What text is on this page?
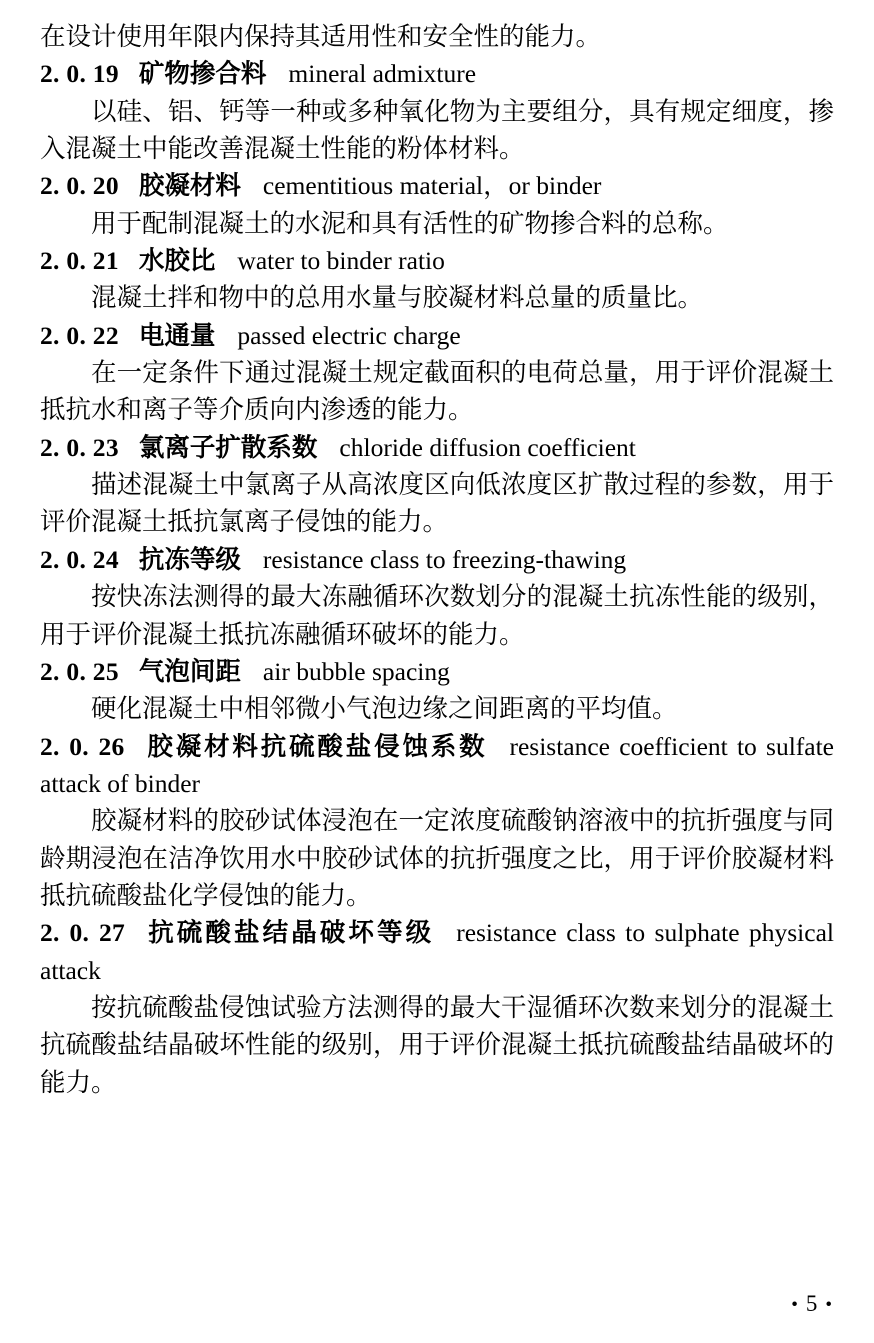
在设计使用年限内保持其适用性和安全性的能力。

2. 0. 19 矿物掺合料 mineral admixture

以硅、铝、钙等一种或多种氧化物为主要组分，具有规定细度，掺入混凝土中能改善混凝土性能的粉体材料。

2. 0. 20 胶凝材料 cementitious material，or binder

用于配制混凝土的水泥和具有活性的矿物掺合料的总称。

2. 0. 21 水胶比 water to binder ratio

混凝土拌和物中的总用水量与胶凝材料总量的质量比。

2. 0. 22 电通量 passed electric charge

在一定条件下通过混凝土规定截面积的电荷总量，用于评价混凝土抵抗水和离子等介质向内渗透的能力。

2. 0. 23 氯离子扩散系数 chloride diffusion coefficient

描述混凝土中氯离子从高浓度区向低浓度区扩散过程的参数，用于评价混凝土抵抗氯离子侵蚀的能力。

2. 0. 24 抗冻等级 resistance class to freezing-thawing

按快冻法测得的最大冻融循环次数划分的混凝土抗冻性能的级别，用于评价混凝土抵抗冻融循环破坏的能力。

2. 0. 25 气泡间距 air bubble spacing

硬化混凝土中相邻微小气泡边缘之间距离的平均值。

2. 0. 26 胶凝材料抗硫酸盐侵蚀系数 resistance coefficient to sulfate attack of binder

胶凝材料的胶砂试体浸泡在一定浓度硫酸钠溶液中的抗折强度与同龄期浸泡在洁净饮用水中胶砂试体的抗折强度之比，用于评价胶凝材料抵抗硫酸盐化学侵蚀的能力。

2. 0. 27 抗硫酸盐结晶破坏等级 resistance class to sulphate physical attack

按抗硫酸盐侵蚀试验方法测得的最大干湿循环次数来划分的混凝土抗硫酸盐结晶破坏性能的级别，用于评价混凝土抵抗硫酸盐结晶破坏的能力。

• 5 •
